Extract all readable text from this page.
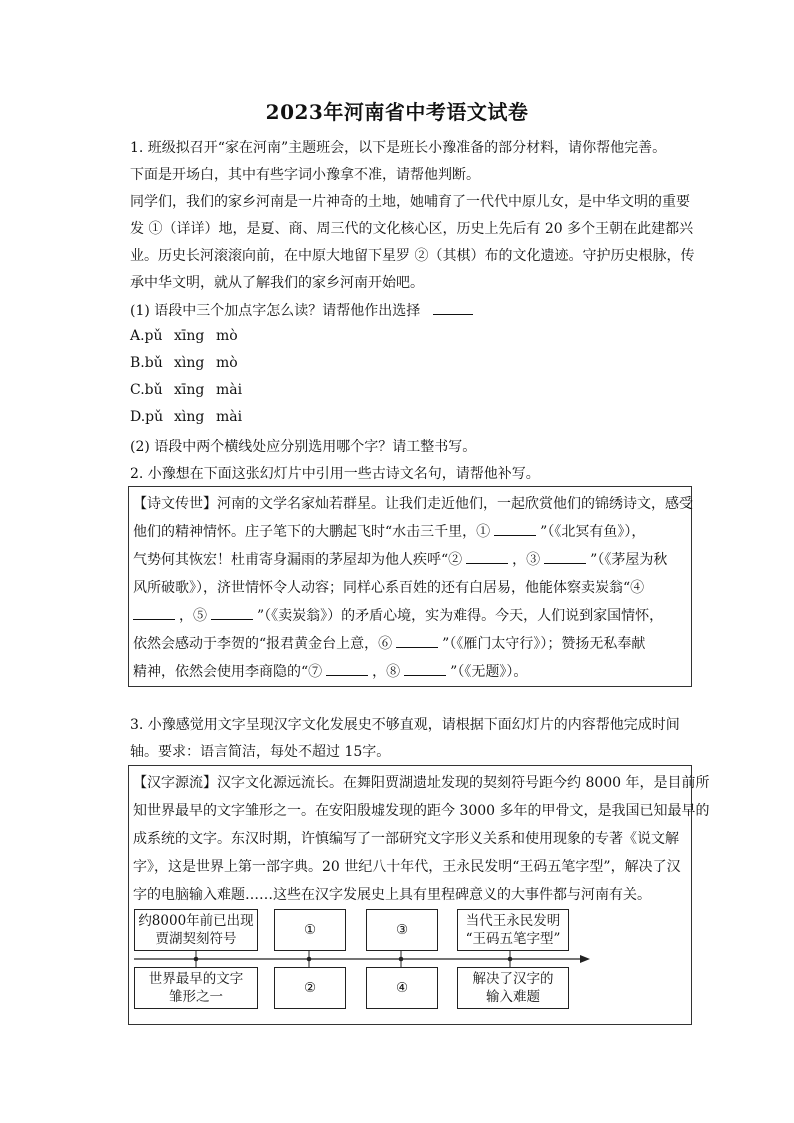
2023年河南省中考语文试卷
1. 班级拟召开“家在河南”主题班会，以下是班长小豫准备的部分材料，请你帮他完善。
下面是开场白，其中有些字词小豫拿不准，请帮他判断。
同学们，我们的家乡河南是一片神奇的土地，她哺育了一代代中原儿女，是中华文明的重要
发 ①（详详）地，是夏、商、周三代的文化核心区，历史上先后有 20 多个王朝在此建都兴
业。历史长河滚滚向前，在中原大地留下星罗 ②（其棋）布的文化遗迹。守护历史根脉，传
承中华文明，就从了解我们的家乡河南开始吧。
(1) 语段中三个加点字怎么读？请帮他作出选择
A.pǔ xīng mò
B.bǔ xìng mò
C.bǔ xīng mài
D.pǔ xìng mài
(2) 语段中两个横线处应分别选用哪个字？请工整书写。
2. 小豫想在下面这张幻灯片中引用一些古诗文名句，请帮他补写。
【诗文传世】河南的文学名家灿若群星。让我们走近他们，一起欣赏他们的锦绣诗文，感受
他们的精神情怀。庄子笔下的大鹏起飞时“水击三千里，①	”（《北冥有鱼》），
气势何其恢宏！杜甫寄身漏雨的茅屋却为他人疾呼“②	，③	”（《茅屋为秋
风所破歌》），济世情怀令人动容；同样心系百姓的还有白居易，他能体察卖炭翁“④
，⑤	”（《卖炭翁》）的矛盾心境，实为难得。今天，人们说到家国情怀，
依然会感动于李贺的“报君黄金台上意，⑥	”（《雁门太守行》）；赞扬无私奉献
精神，依然会使用李商隐的“⑦	，⑧	”（《无题》）。
3. 小豫感觉用文字呈现汉字文化发展史不够直观，请根据下面幻灯片的内容帮他完成时间
轴。要求：语言简洁，每处不超过 15字。
【汉字源流】汉字文化源远流长。在舞阳贾湖遗址发现的契刻符号距今约 8000 年，是目前所
知世界最早的文字雏形之一。在安阳殷墟发现的距今 3000 多年的甲骨文，是我国已知最早的
成系统的文字。东汉时期，许慎编写了一部研究文字形义关系和使用现象的专著《说文解
字》，这是世界上第一部字典。20 世纪八十年代，王永民发明“王码五笔字型”，解决了汉
字的电脑输入难题……这些在汉字发展史上具有里程碑意义的大事件都与河南有关。
约8000年前已出现
贾湖契刻符号
①	③
当代王永民发明
“王码五笔字型”
世界最早的文字
雏形之一
②	④
解决了汉字的
输入难题
